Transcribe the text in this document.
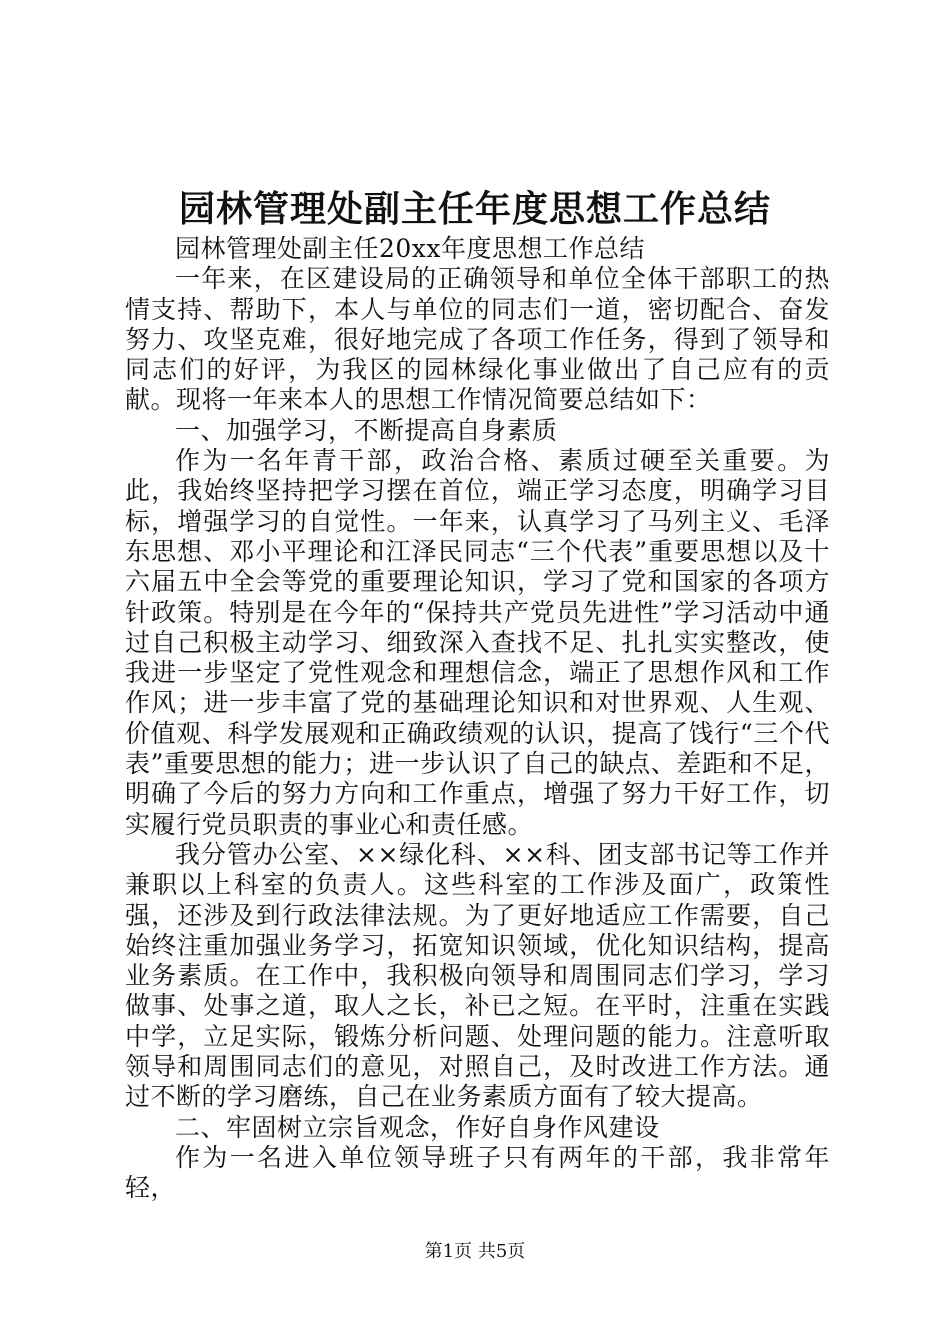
园林管理处副主任年度思想工作总结

园林管理处副主任20xx年度思想工作总结

一年来，在区建设局的正确领导和单位全体干部职工的热情支持、帮助下，本人与单位的同志们一道，密切配合、奋发努力、攻坚克难，很好地完成了各项工作任务，得到了领导和同志们的好评，为我区的园林绿化事业做出了自己应有的贡献。现将一年来本人的思想工作情况简要总结如下：

一、加强学习，不断提高自身素质

作为一名年青干部，政治合格、素质过硬至关重要。为此，我始终坚持把学习摆在首位，端正学习态度，明确学习目标，增强学习的自觉性。一年来，认真学习了马列主义、毛泽东思想、邓小平理论和江泽民同志“三个代表”重要思想以及十六届五中全会等党的重要理论知识，学习了党和国家的各项方针政策。特别是在今年的“保持共产党员先进性”学习活动中通过自己积极主动学习、细致深入查找不足、扎扎实实整改，使我进一步坚定了党性观念和理想信念，端正了思想作风和工作作风；进一步丰富了党的基础理论知识和对世界观、人生观、价值观、科学发展观和正确政绩观的认识，提高了饯行“三个代表”重要思想的能力；进一步认识了自己的缺点、差距和不足，明确了今后的努力方向和工作重点，增强了努力干好工作，切实履行党员职责的事业心和责任感。

我分管办公室、××绿化科、××科、团支部书记等工作并兼职以上科室的负责人。这些科室的工作涉及面广，政策性强，还涉及到行政法律法规。为了更好地适应工作需要，自己始终注重加强业务学习，拓宽知识领域，优化知识结构，提高业务素质。在工作中，我积极向领导和周围同志们学习，学习做事、处事之道，取人之长，补已之短。在平时，注重在实践中学，立足实际，锻炼分析问题、处理问题的能力。注意听取领导和周围同志们的意见，对照自己，及时改进工作方法。通过不断的学习磨练，自己在业务素质方面有了较大提高。

二、牢固树立宗旨观念，作好自身作风建设

作为一名进入单位领导班子只有两年的干部，我非常年轻，

第1页 共5页
